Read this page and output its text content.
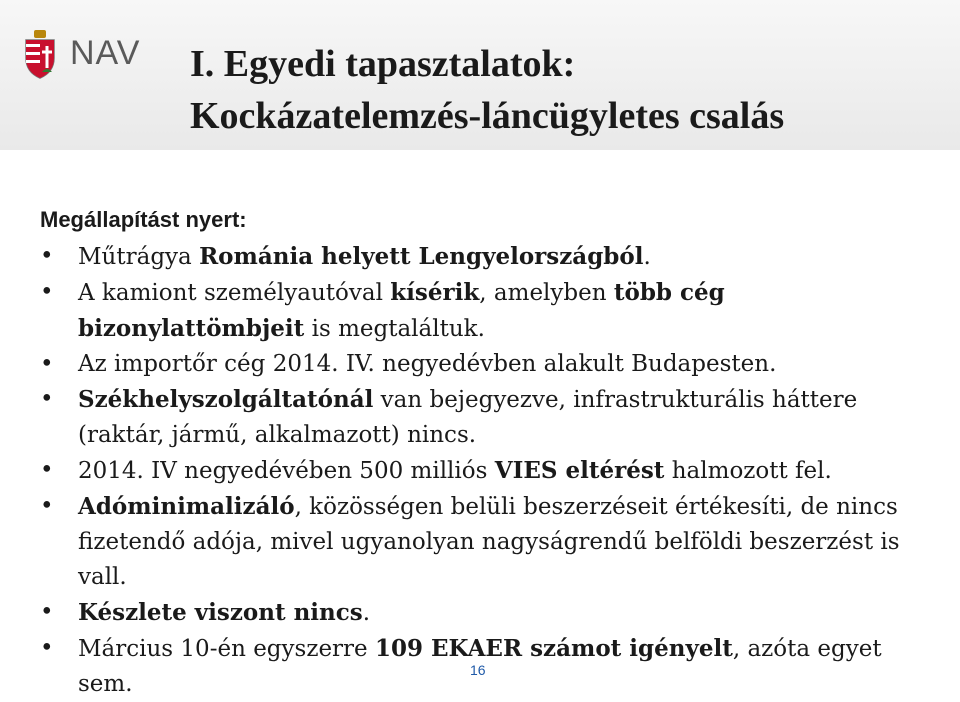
NAV I. Egyedi tapasztalatok:
Kockázatelemzés-láncügyletes csalás

Megállapítást nyert:

• Műtrágya Románia helyett Lengyelországból.
• A kamiont személyautóval kísérik, amelyben több cég bizonylattömbjeit is megtaláltuk.
• Az importőr cég 2014. IV. negyedévben alakult Budapesten.
• Székhelyszolgáltatónál van bejegyezve, infrastrukturális háttere (raktár, jármű, alkalmazott) nincs.
• 2014. IV negyedévében 500 milliós VIES eltérést halmozott fel.
• Adóminimalizáló, közösségen belüli beszerzéseit értékesíti, de nincs fizetendő adója, mivel ugyanolyan nagyságrendű belföldi beszerzést is vall.
• Készlete viszont nincs.
• Március 10-én egyszerre 109 EKAER számot igényelt, azóta egyet sem.
16
